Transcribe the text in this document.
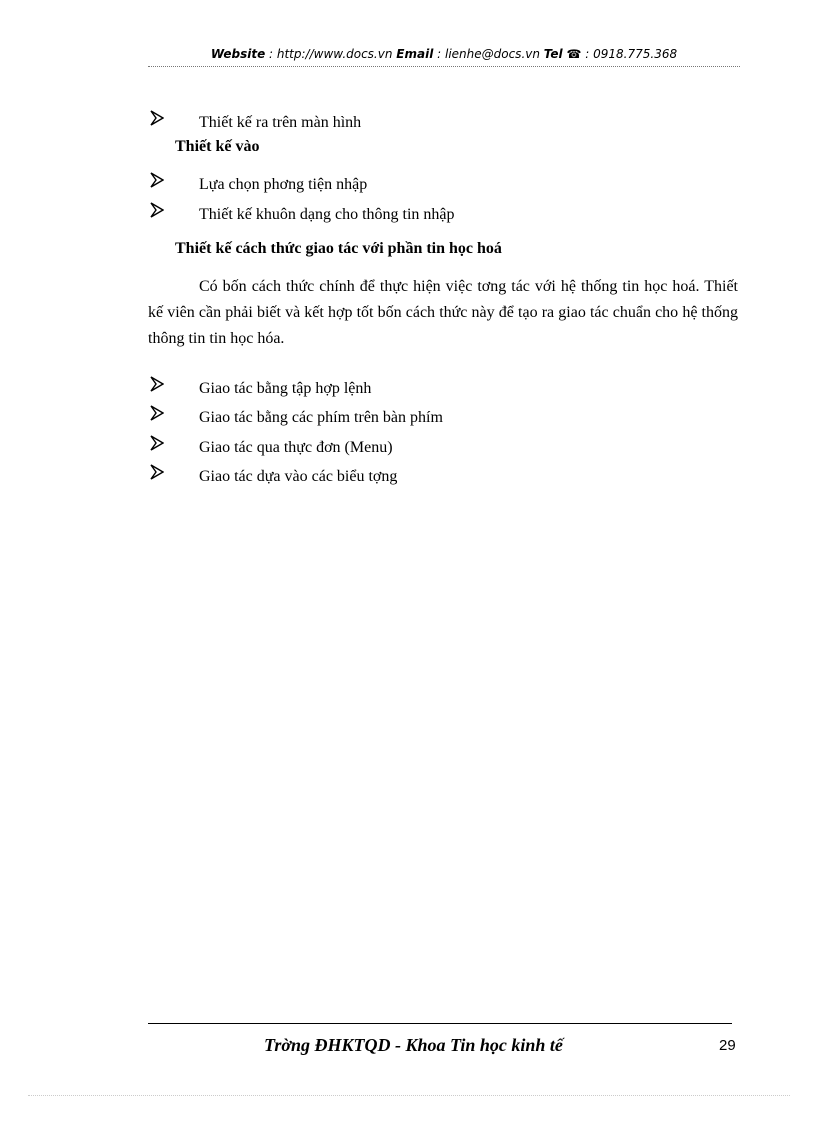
Website : http://www.docs.vn Email : lienhe@docs.vn Tel ☎ : 0918.775.368
Thiết kế ra trên màn hình
Thiết kế vào
Lựa chọn phơng tiện nhập
Thiết kế khuôn dạng cho thông tin nhập
Thiết kế cách thức giao tác với phần tin học hoá
Có bốn cách thức chính để thực hiện việc tơng tác với hệ thống tin học hoá. Thiết kế viên cần phải biết và kết hợp tốt bốn cách thức này để tạo ra giao tác chuẩn cho hệ thống thông tin tin học hóa.
Giao tác bằng tập hợp lệnh
Giao tác bằng các phím trên bàn phím
Giao tác qua thực đơn (Menu)
Giao tác dựa vào các biểu tợng
Trờng ĐHKTQD - Khoa Tin học kinh tế	29
